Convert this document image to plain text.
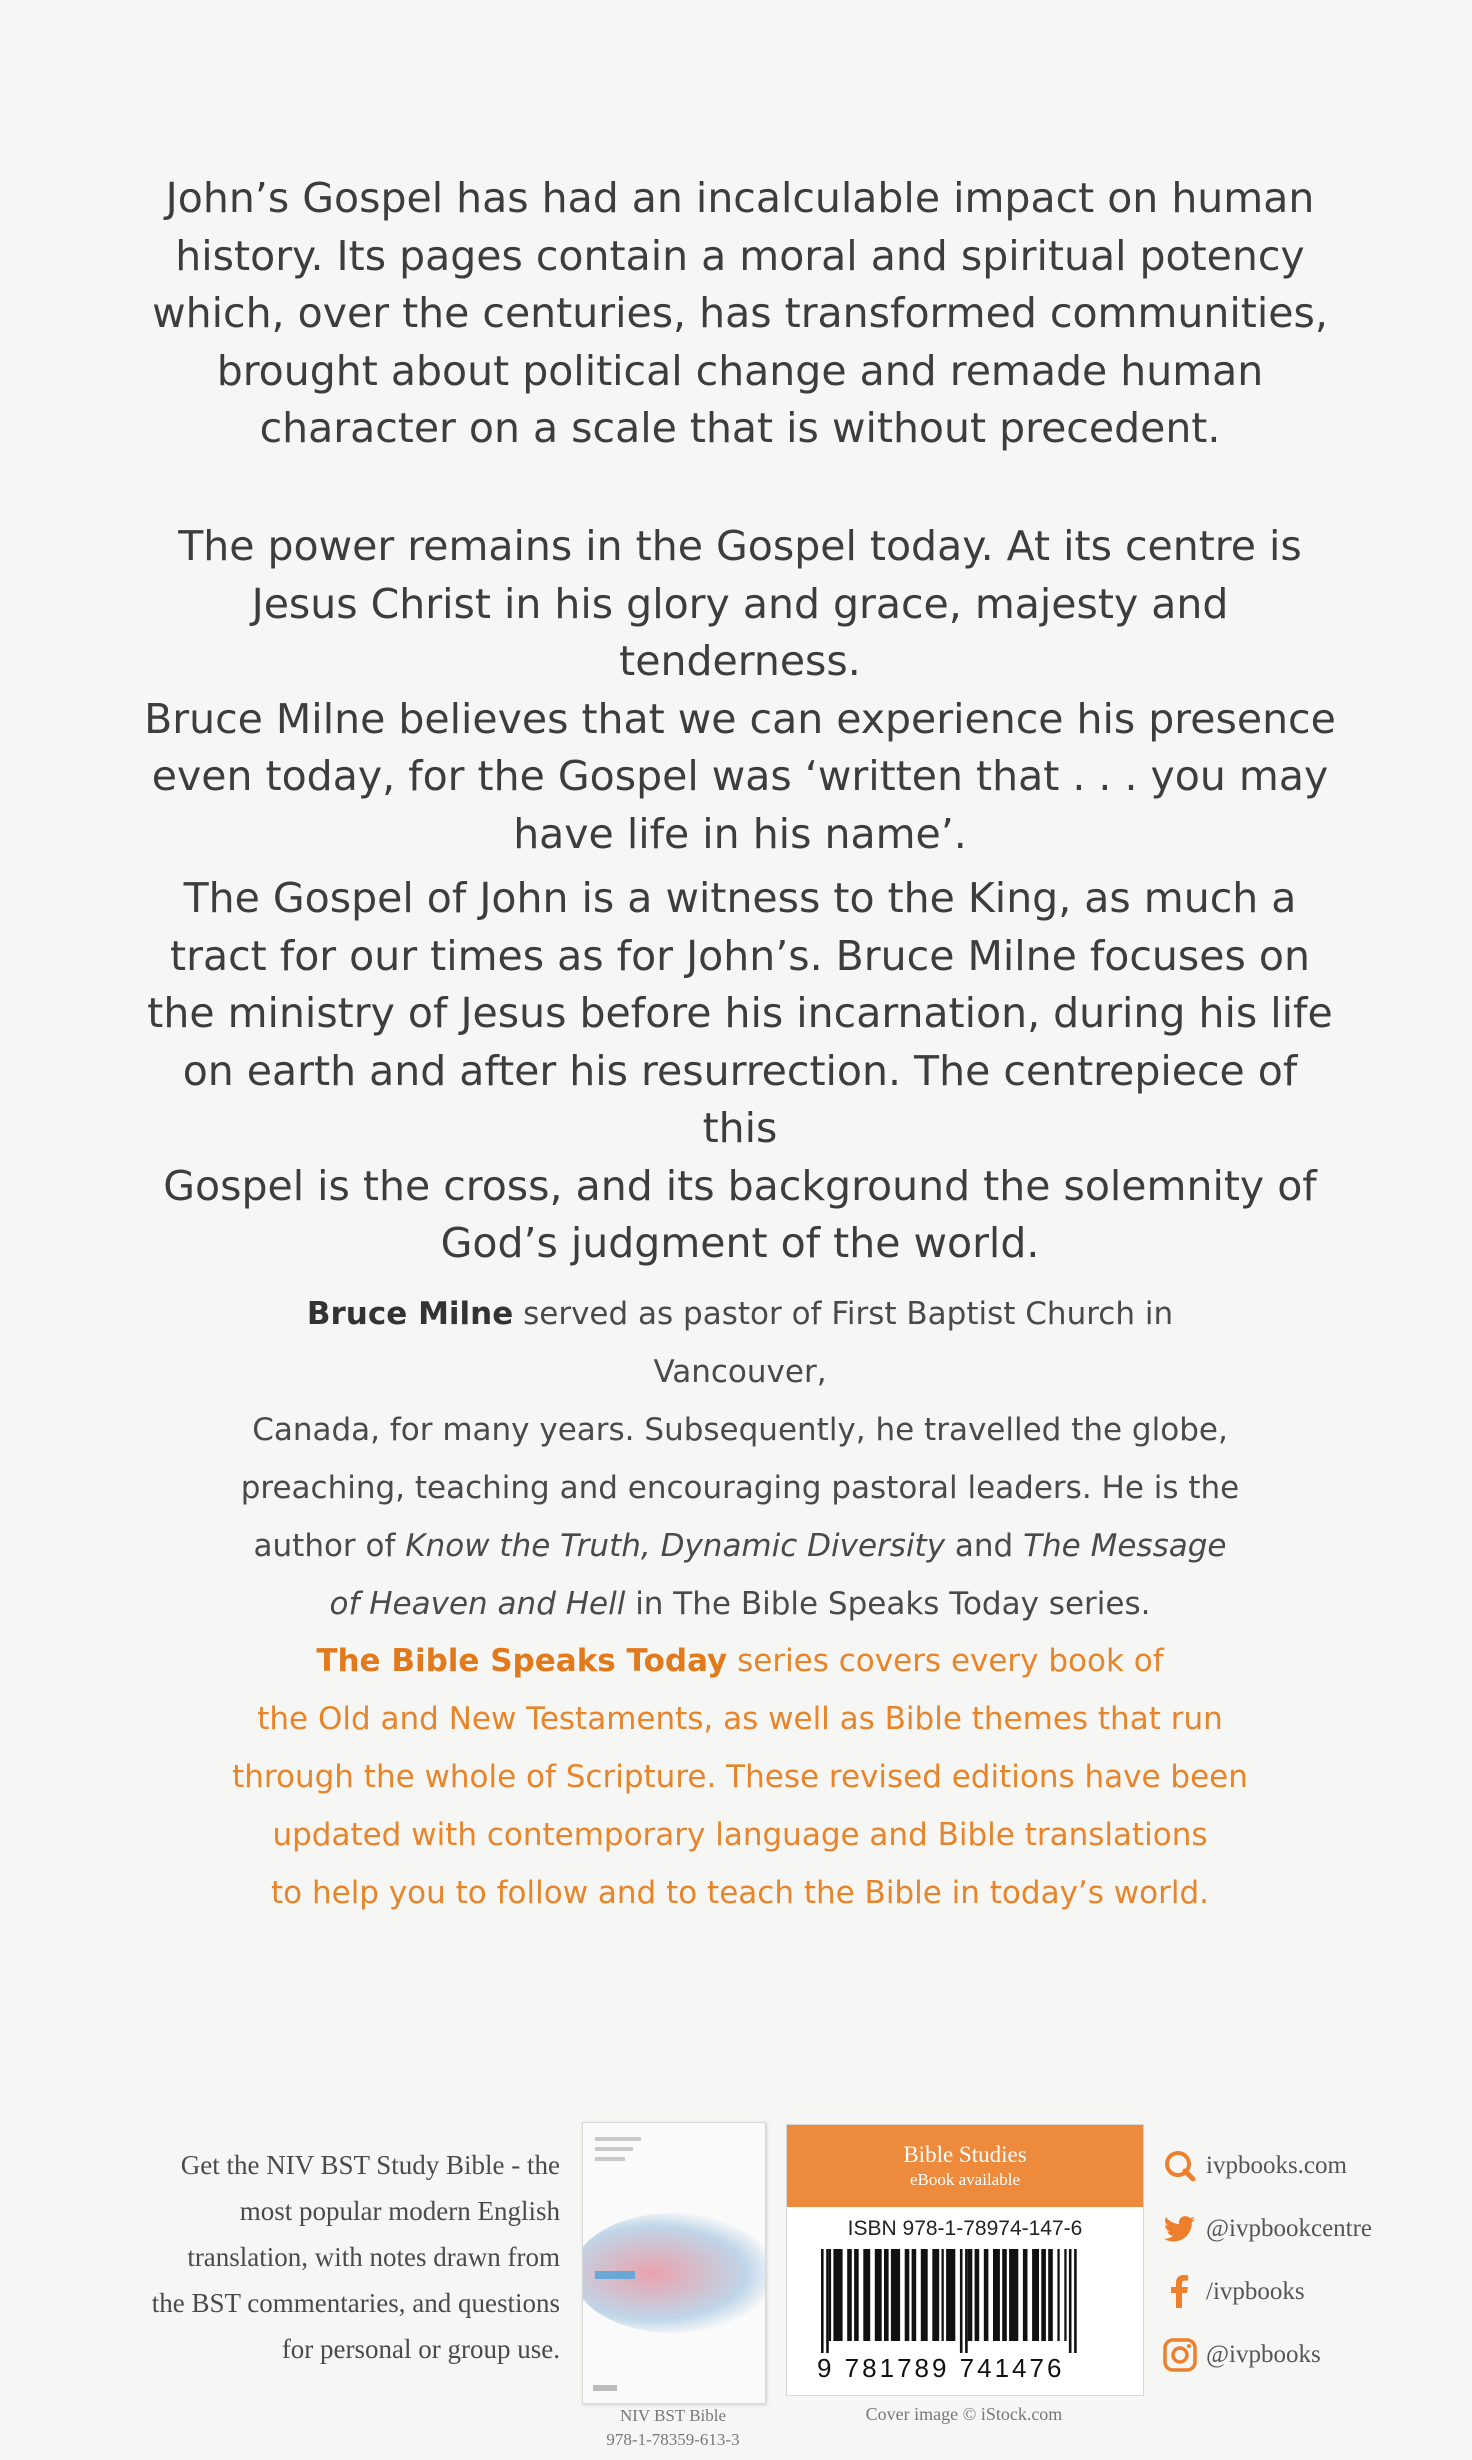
John’s Gospel has had an incalculable impact on human
history. Its pages contain a moral and spiritual potency
which, over the centuries, has transformed communities,
brought about political change and remade human
character on a scale that is without precedent.

The power remains in the Gospel today. At its centre is
Jesus Christ in his glory and grace, majesty and tenderness.
Bruce Milne believes that we can experience his presence
even today, for the Gospel was ‘written that . . . you may
have life in his name’.

The Gospel of John is a witness to the King, as much a
tract for our times as for John’s. Bruce Milne focuses on
the ministry of Jesus before his incarnation, during his life
on earth and after his resurrection. The centrepiece of this
Gospel is the cross, and its background the solemnity of
God’s judgment of the world.

Bruce Milne served as pastor of First Baptist Church in Vancouver,
Canada, for many years. Subsequently, he travelled the globe,
preaching, teaching and encouraging pastoral leaders. He is the
author of Know the Truth, Dynamic Diversity and The Message
of Heaven and Hell in The Bible Speaks Today series.

The Bible Speaks Today series covers every book of
the Old and New Testaments, as well as Bible themes that run
through the whole of Scripture. These revised editions have been
updated with contemporary language and Bible translations
to help you to follow and to teach the Bible in today’s world.

Get the NIV BST Study Bible - the
most popular modern English
translation, with notes drawn from
the BST commentaries, and questions
for personal or group use.

NIV BST Bible
978-1-78359-613-3
Bible Studies
eBook available
ISBN 978-1-78974-147-6
9 781789 741476
Cover image © iStock.com
ivpbooks.com
@ivpbookcentre
/ivpbooks
@ivpbooks
